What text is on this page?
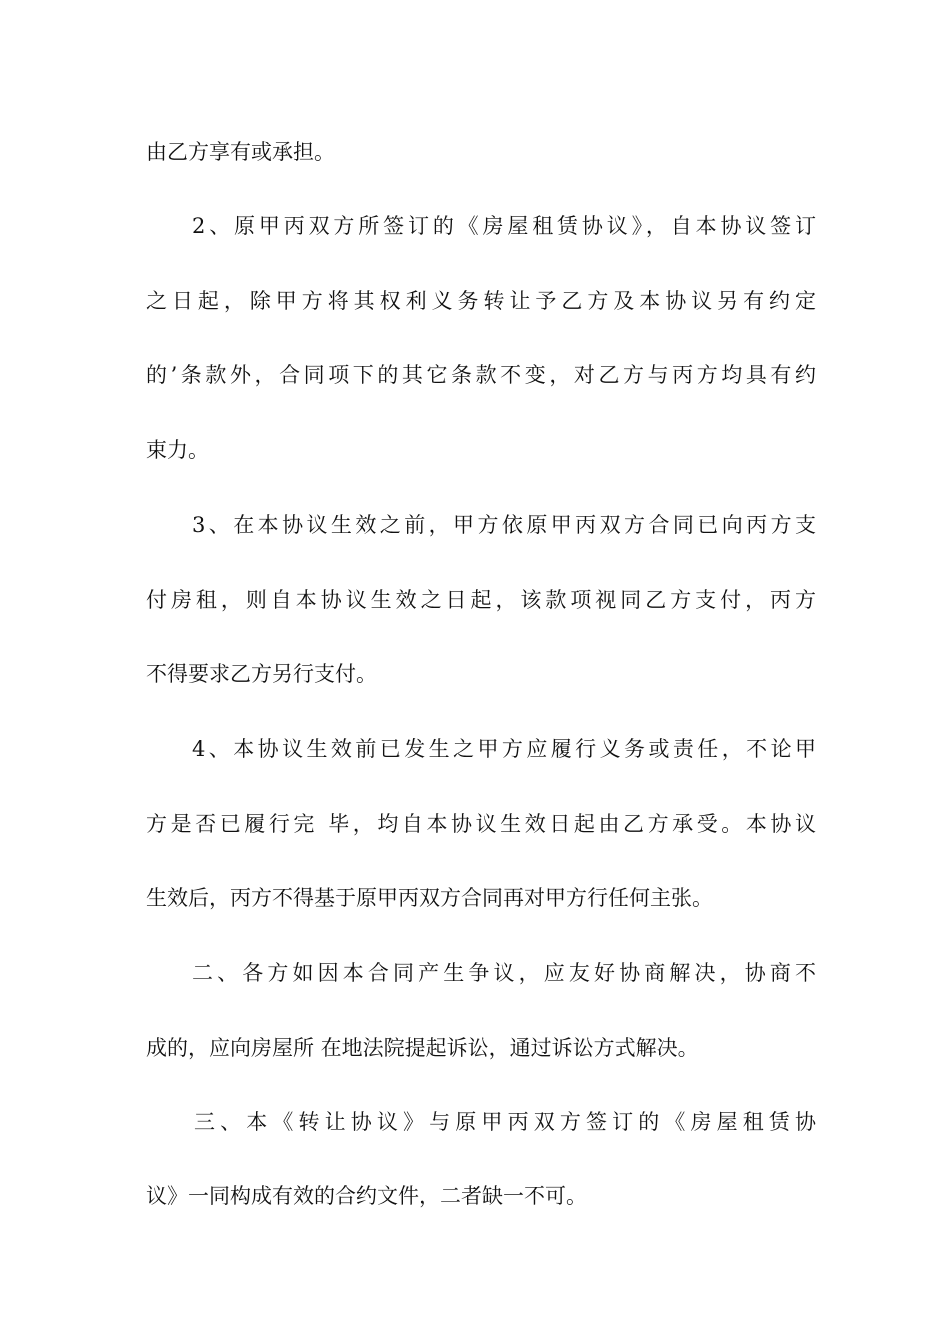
由乙方享有或承担。
2、原甲丙双方所签订的《房屋租赁协议》，自本协议签订
之日起，除甲方将其权利义务转让予乙方及本协议另有约定
的’条款外，合同项下的其它条款不变，对乙方与丙方均具有约
束力。
3、在本协议生效之前，甲方依原甲丙双方合同已向丙方支
付房租，则自本协议生效之日起，该款项视同乙方支付，丙方
不得要求乙方另行支付。
4、本协议生效前已发生之甲方应履行义务或责任，不论甲
方是否已履行完 毕，均自本协议生效日起由乙方承受。本协议
生效后，丙方不得基于原甲丙双方合同再对甲方行任何主张。
二、各方如因本合同产生争议，应友好协商解决，协商不
成的，应向房屋所 在地法院提起诉讼，通过诉讼方式解决。
三、本《转让协议》与原甲丙双方签订的《房屋租赁协
议》一同构成有效的合约文件，二者缺一不可。
